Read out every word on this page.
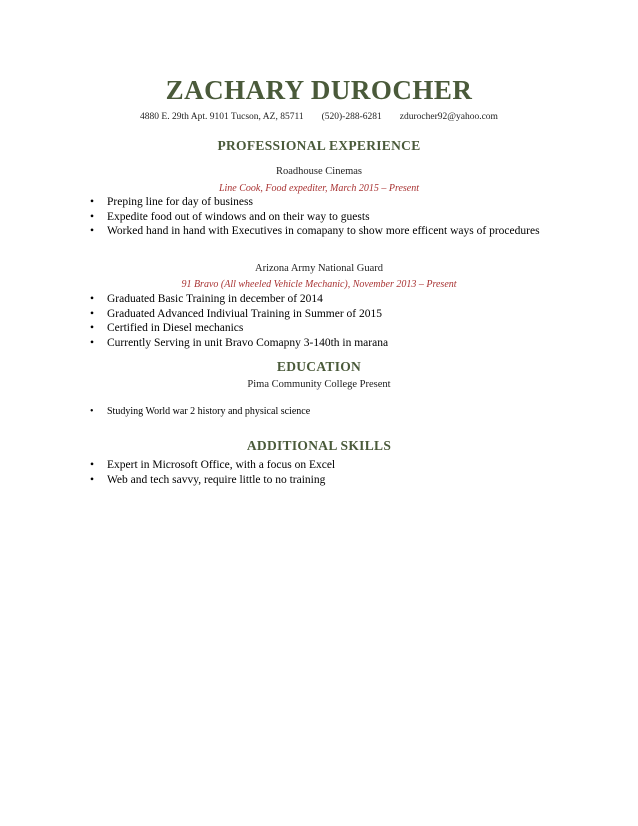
ZACHARY DUROCHER
4880 E. 29th Apt. 9101 Tucson, AZ, 85711 (520)-288-6281 zdurocher92@yahoo.com
PROFESSIONAL EXPERIENCE
Roadhouse Cinemas
Line Cook, Food expediter, March 2015 – Present
• Preping line for day of business
• Expedite food out of windows and on their way to guests
• Worked hand in hand with Executives in comapany to show more efficent ways of procedures
Arizona Army National Guard
91 Bravo (All wheeled Vehicle Mechanic), November 2013 – Present
• Graduated Basic Training in december of 2014
• Graduated Advanced Indiviual Training in Summer of 2015
• Certified in Diesel mechanics
• Currently Serving in unit Bravo Comapny 3-140th in marana
EDUCATION
Pima Community College Present
• Studying World war 2 history and physical science
ADDITIONAL SKILLS
• Expert in Microsoft Office, with a focus on Excel
• Web and tech savvy, require little to no training
